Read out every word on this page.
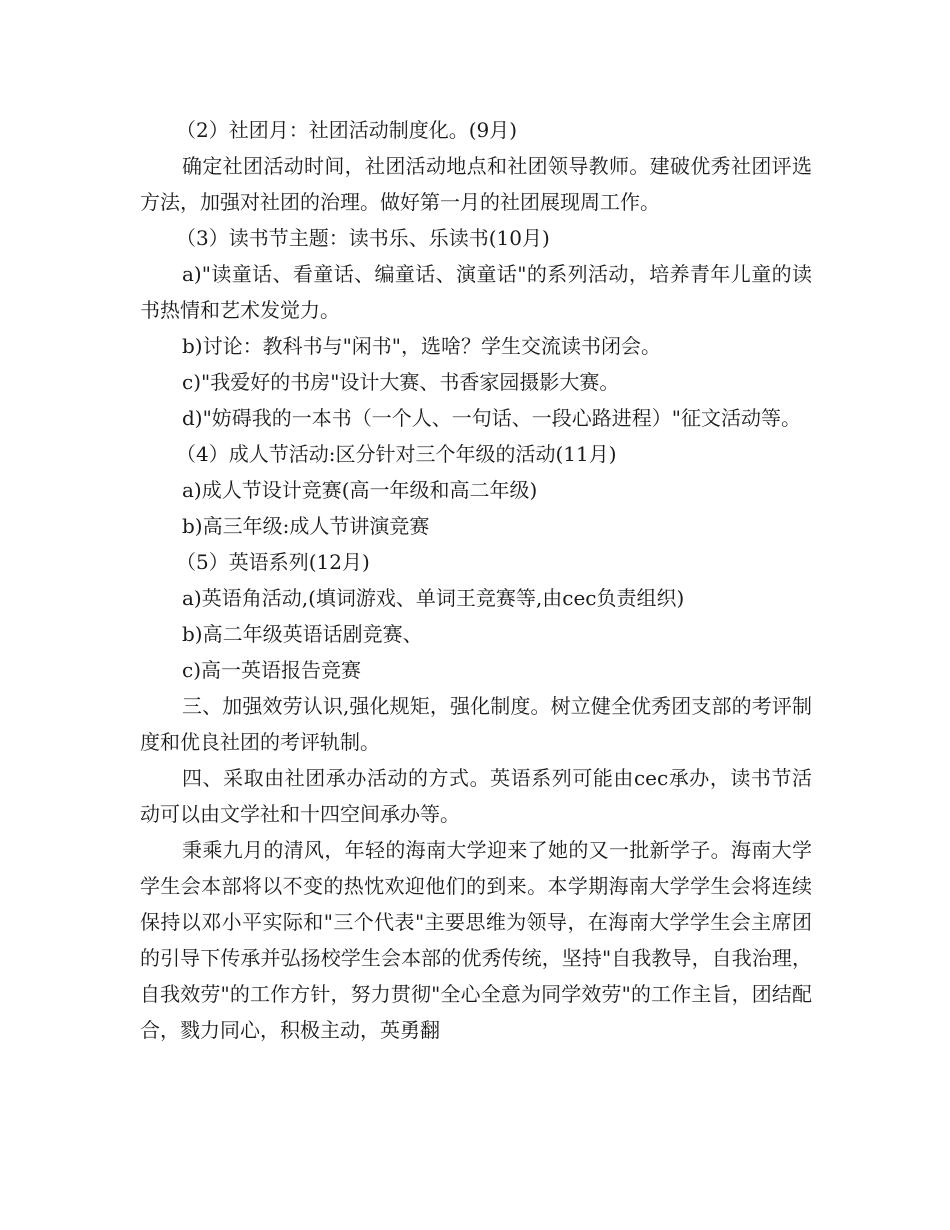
（2）社团月：社团活动制度化。(9月)

确定社团活动时间，社团活动地点和社团领导教师。建破优秀社团评选方法，加强对社团的治理。做好第一月的社团展现周工作。

（3）读书节主题：读书乐、乐读书(10月)

a)"读童话、看童话、编童话、演童话"的系列活动，培养青年儿童的读书热情和艺术发觉力。

b)讨论：教科书与"闲书"，选啥？学生交流读书闭会。

c)"我爱好的书房"设计大赛、书香家园摄影大赛。

d)"妨碍我的一本书（一个人、一句话、一段心路进程）"征文活动等。

（4）成人节活动:区分针对三个年级的活动(11月)

a)成人节设计竞赛(高一年级和高二年级)

b)高三年级:成人节讲演竞赛

（5）英语系列(12月)

a)英语角活动,(填词游戏、单词王竞赛等,由cec负责组织)

b)高二年级英语话剧竞赛、

c)高一英语报告竞赛

三、加强效劳认识,强化规矩，强化制度。树立健全优秀团支部的考评制度和优良社团的考评轨制。

四、采取由社团承办活动的方式。英语系列可能由cec承办，读书节活动可以由文学社和十四空间承办等。

秉乘九月的清风，年轻的海南大学迎来了她的又一批新学子。海南大学学生会本部将以不变的热忱欢迎他们的到来。本学期海南大学学生会将连续保持以邓小平实际和"三个代表"主要思维为领导，在海南大学学生会主席团的引导下传承并弘扬校学生会本部的优秀传统，坚持"自我教导，自我治理，自我效劳"的工作方针，努力贯彻"全心全意为同学效劳"的工作主旨，团结配合，戮力同心，积极主动，英勇翻
